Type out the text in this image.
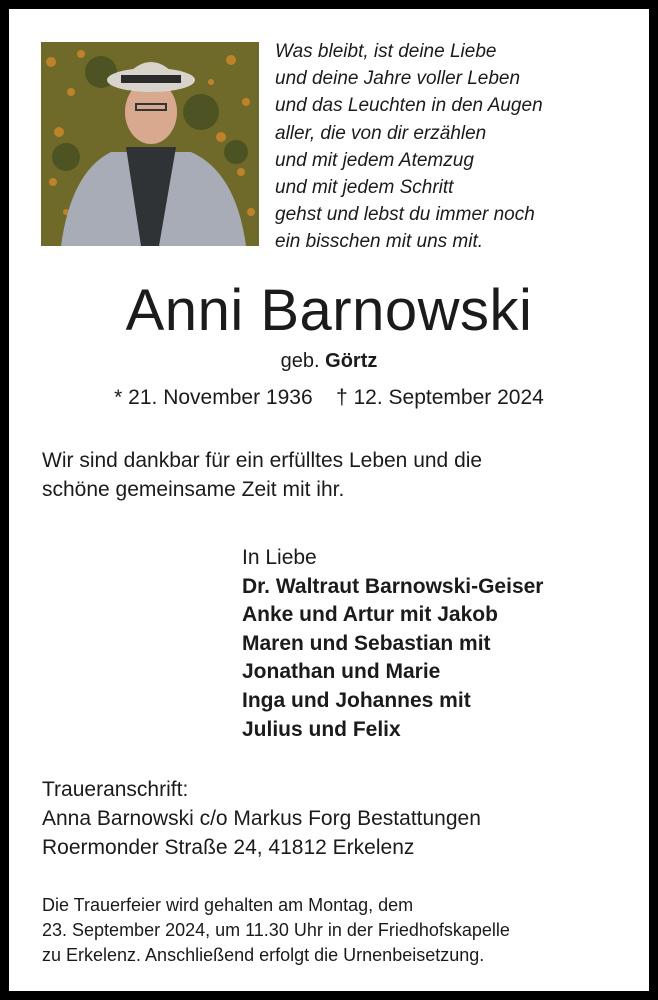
Was bleibt, ist deine Liebe
und deine Jahre voller Leben
und das Leuchten in den Augen
aller, die von dir erzählen
und mit jedem Atemzug
und mit jedem Schritt
gehst und lebst du immer noch
ein bisschen mit uns mit.
Anni Barnowski
geb. Görtz
* 21. November 1936 † 12. September 2024
Wir sind dankbar für ein erfülltes Leben und die
schöne gemeinsame Zeit mit ihr.
In Liebe
Dr. Waltraut Barnowski-Geiser
Anke und Artur mit Jakob
Maren und Sebastian mit
Jonathan und Marie
Inga und Johannes mit
Julius und Felix
Traueranschrift:
Anna Barnowski c/o Markus Forg Bestattungen
Roermonder Straße 24, 41812 Erkelenz
Die Trauerfeier wird gehalten am Montag, dem
23. September 2024, um 11.30 Uhr in der Friedhofskapelle
zu Erkelenz. Anschließend erfolgt die Urnenbeisetzung.
